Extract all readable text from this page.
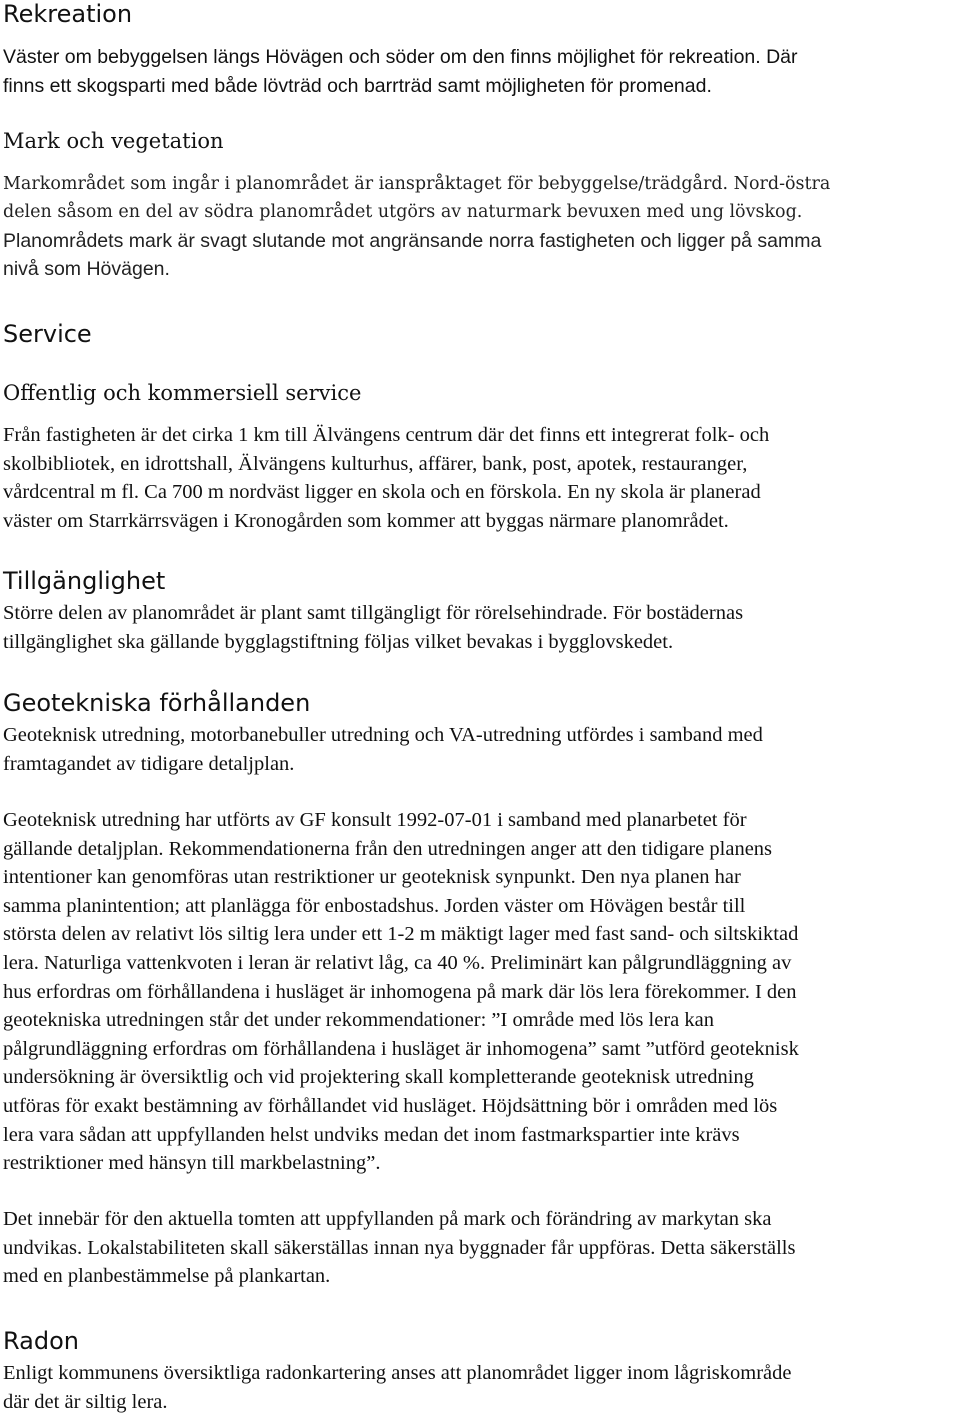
Rekreation
Väster om bebyggelsen längs Hövägen och söder om den finns möjlighet för rekreation. Där
finns ett skogsparti med både lövträd och barrträd samt möjligheten för promenad.
Mark och vegetation
Markområdet som ingår i planområdet är ianspråktaget för bebyggelse/trädgård. Nord-östra
delen såsom en del av södra planområdet utgörs av naturmark bevuxen med ung lövskog.
Planområdets mark är svagt slutande mot angränsande norra fastigheten och ligger på samma
nivå som Hövägen.
Service
Offentlig och kommersiell service
Från fastigheten är det cirka 1 km till Älvängens centrum där det finns ett integrerat folk- och
skolbibliotek, en idrottshall, Älvängens kulturhus, affärer, bank, post, apotek, restauranger,
vårdcentral m fl. Ca 700 m nordväst ligger en skola och en förskola. En ny skola är planerad
väster om Starrkärrsvägen i Kronogården som kommer att byggas närmare planområdet.
Tillgänglighet
Större delen av planområdet är plant samt tillgängligt för rörelsehindrade. För bostädernas
tillgänglighet ska gällande bygglagstiftning följas vilket bevakas i bygglovskedet.
Geotekniska förhållanden
Geoteknisk utredning, motorbanebuller utredning och VA-utredning utfördes i samband med
framtagandet av tidigare detaljplan.
Geoteknisk utredning har utförts av GF konsult 1992-07-01 i samband med planarbetet för
gällande detaljplan. Rekommendationerna från den utredningen anger att den tidigare planens
intentioner kan genomföras utan restriktioner ur geoteknisk synpunkt. Den nya planen har
samma planintention; att planlägga för enbostadshus. Jorden väster om Hövägen består till
största delen av relativt lös siltig lera under ett 1-2 m mäktigt lager med fast sand- och siltskiktad
lera. Naturliga vattenkvoten i leran är relativt låg, ca 40 %. Preliminärt kan pålgrundläggning av
hus erfordras om förhållandena i husläget är inhomogena på mark där lös lera förekommer. I den
geotekniska utredningen står det under rekommendationer: ”I område med lös lera kan
pålgrundläggning erfordras om förhållandena i husläget är inhomogena” samt ”utförd geoteknisk
undersökning är översiktlig och vid projektering skall kompletterande geoteknisk utredning
utföras för exakt bestämning av förhållandet vid husläget. Höjdsättning bör i områden med lös
lera vara sådan att uppfyllanden helst undviks medan det inom fastmarkspartier inte krävs
restriktioner med hänsyn till markbelastning”.
Det innebär för den aktuella tomten att uppfyllanden på mark och förändring av markytan ska
undvikas. Lokalstabiliteten skall säkerställas innan nya byggnader får uppföras. Detta säkerställs
med en planbestämmelse på plankartan.
Radon
Enligt kommunens översiktliga radonkartering anses att planområdet ligger inom lågriskområde
där det är siltig lera.
